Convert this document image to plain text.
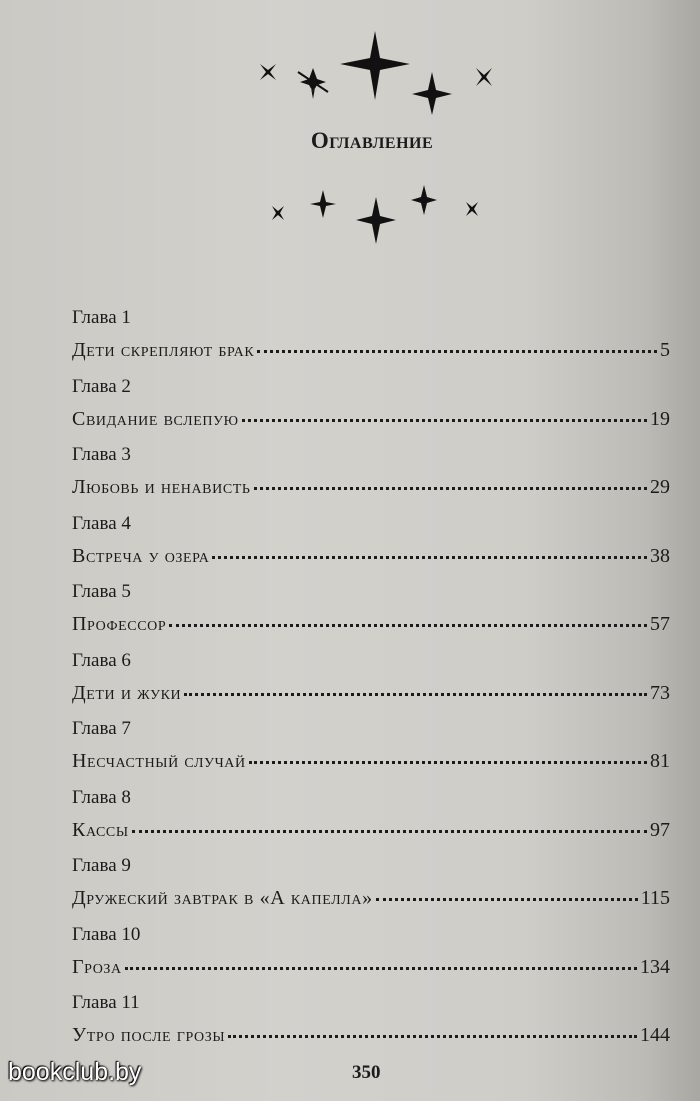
Оглавление
Глава 1
Дети скрепляют брак	5
Глава 2
Свидание вслепую	19
Глава 3
Любовь и ненависть	29
Глава 4
Встреча у озера	38
Глава 5
Профессор	57
Глава 6
Дети и жуки	73
Глава 7
Несчастный случай	81
Глава 8
Кассы	97
Глава 9
Дружеский завтрак в «А капелла»	115
Глава 10
Гроза	134
Глава 11
Утро после грозы	144
350
bookclub.by
